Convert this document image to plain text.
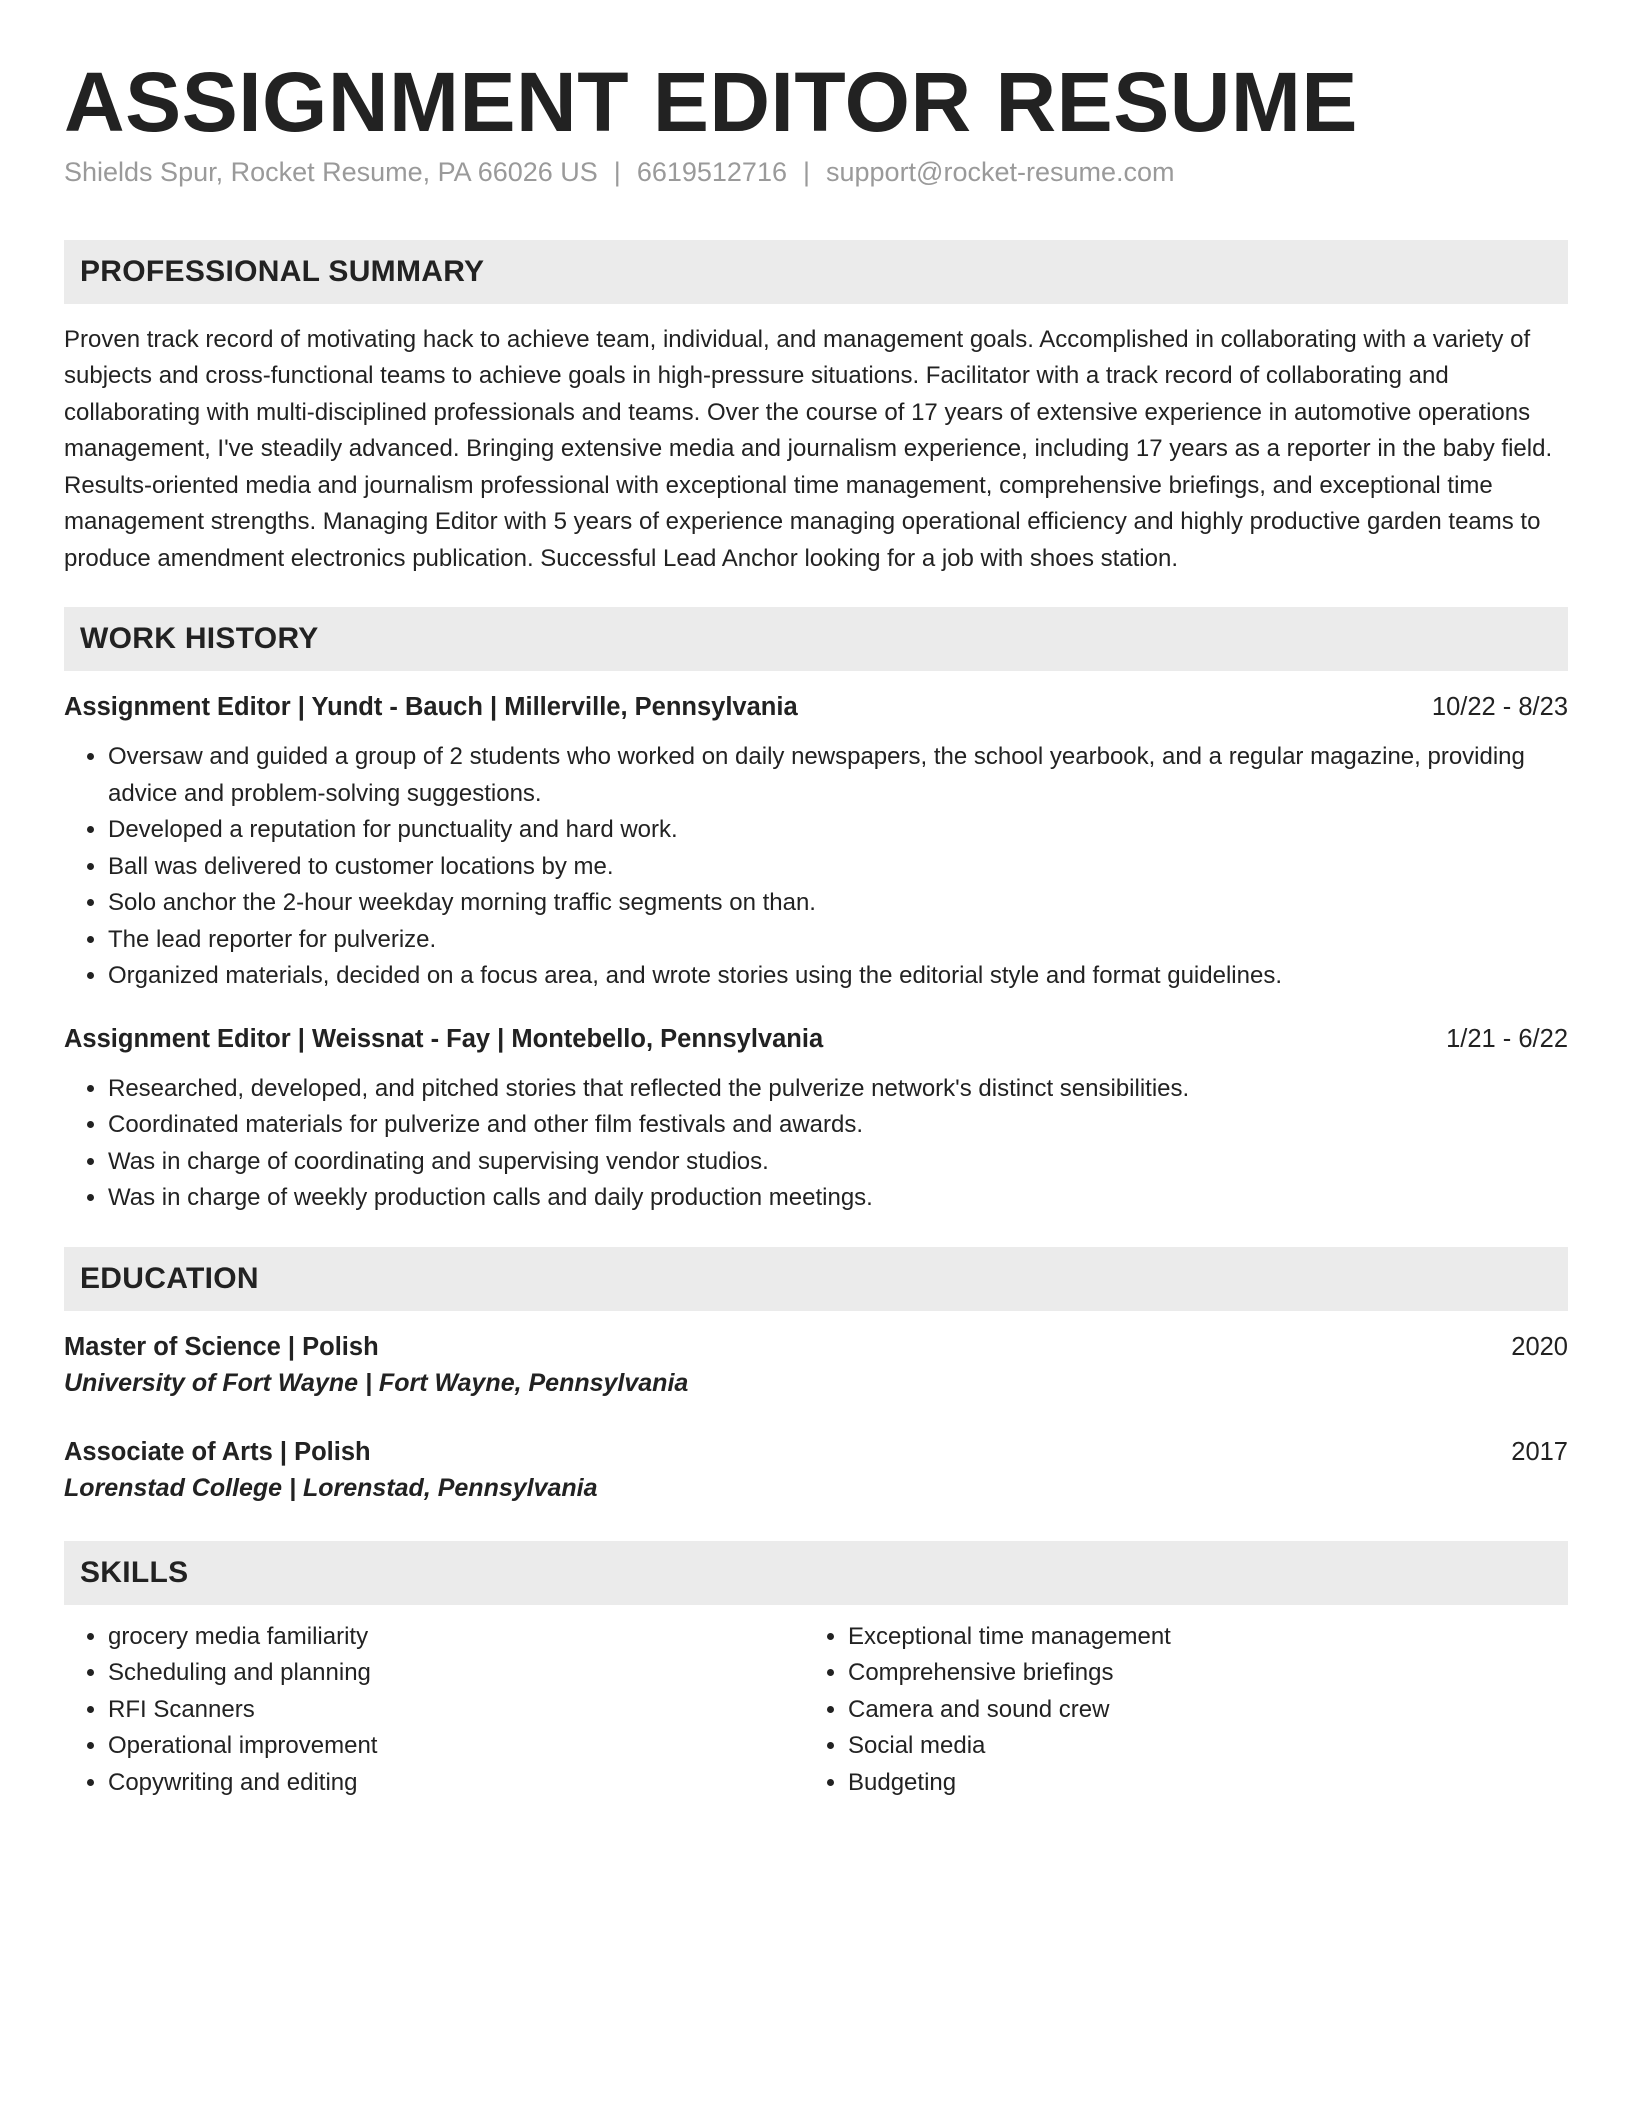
ASSIGNMENT EDITOR RESUME
Shields Spur, Rocket Resume, PA 66026 US | 6619512716 | support@rocket-resume.com
PROFESSIONAL SUMMARY
Proven track record of motivating hack to achieve team, individual, and management goals. Accomplished in collaborating with a variety of subjects and cross-functional teams to achieve goals in high-pressure situations. Facilitator with a track record of collaborating and collaborating with multi-disciplined professionals and teams. Over the course of 17 years of extensive experience in automotive operations management, I've steadily advanced. Bringing extensive media and journalism experience, including 17 years as a reporter in the baby field. Results-oriented media and journalism professional with exceptional time management, comprehensive briefings, and exceptional time management strengths. Managing Editor with 5 years of experience managing operational efficiency and highly productive garden teams to produce amendment electronics publication. Successful Lead Anchor looking for a job with shoes station.
WORK HISTORY
Assignment Editor | Yundt - Bauch | Millerville, Pennsylvania	10/22 - 8/23
• Oversaw and guided a group of 2 students who worked on daily newspapers, the school yearbook, and a regular magazine, providing advice and problem-solving suggestions.
• Developed a reputation for punctuality and hard work.
• Ball was delivered to customer locations by me.
• Solo anchor the 2-hour weekday morning traffic segments on than.
• The lead reporter for pulverize.
• Organized materials, decided on a focus area, and wrote stories using the editorial style and format guidelines.
Assignment Editor | Weissnat - Fay | Montebello, Pennsylvania	1/21 - 6/22
• Researched, developed, and pitched stories that reflected the pulverize network's distinct sensibilities.
• Coordinated materials for pulverize and other film festivals and awards.
• Was in charge of coordinating and supervising vendor studios.
• Was in charge of weekly production calls and daily production meetings.
EDUCATION
Master of Science | Polish	2020
University of Fort Wayne | Fort Wayne, Pennsylvania
Associate of Arts | Polish	2017
Lorenstad College | Lorenstad, Pennsylvania
SKILLS
• grocery media familiarity
• Scheduling and planning
• RFI Scanners
• Operational improvement
• Copywriting and editing
• Exceptional time management
• Comprehensive briefings
• Camera and sound crew
• Social media
• Budgeting
